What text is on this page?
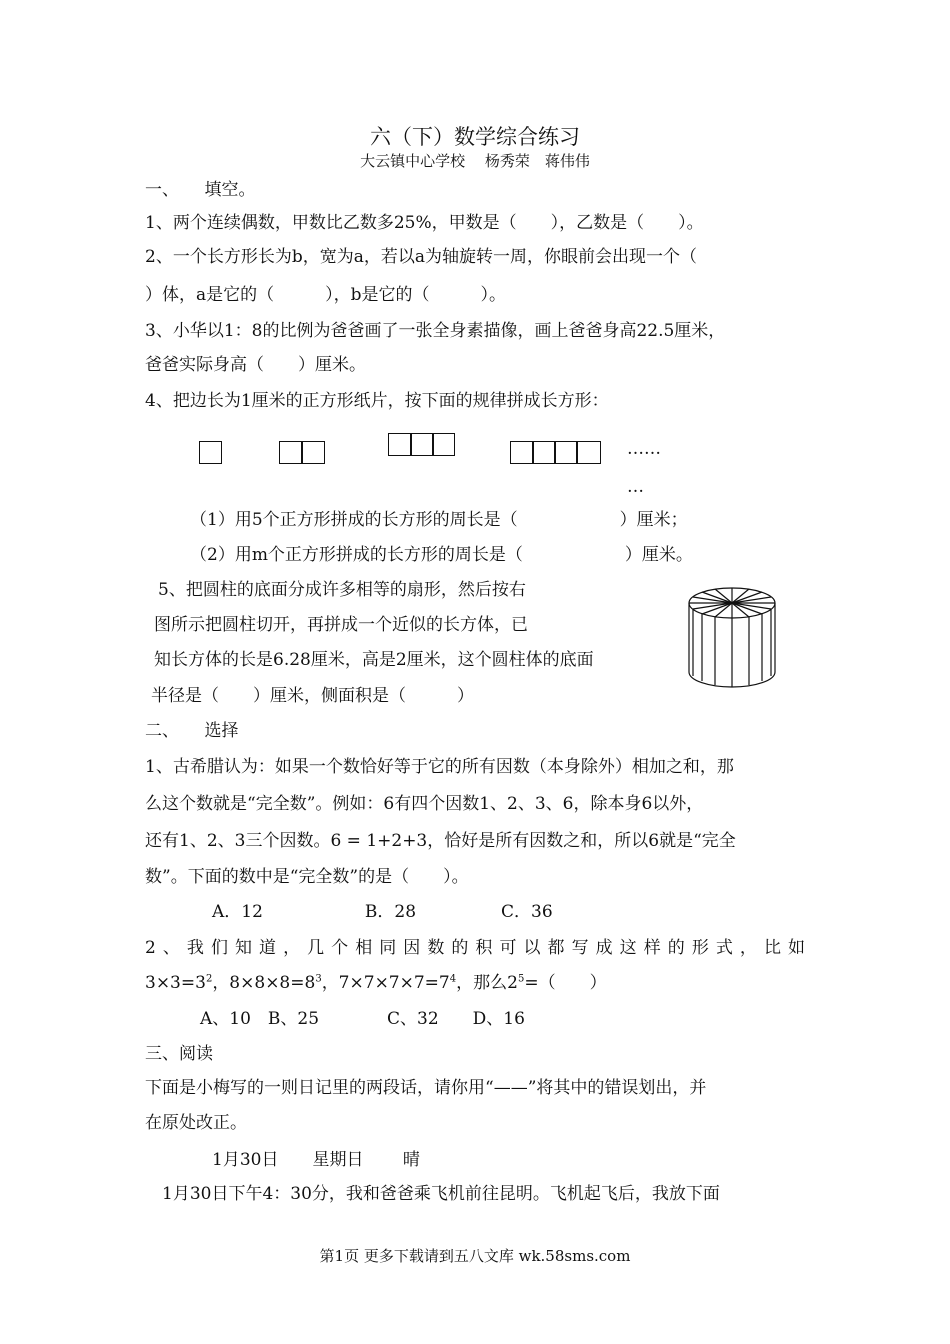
六（下）数学综合练习
大云镇中心学校　 杨秀荣　蒋伟伟
一、　　填空。
1、两个连续偶数，甲数比乙数多25%，甲数是（　　），乙数是（　　）。
2、一个长方形长为b，宽为a，若以a为轴旋转一周，你眼前会出现一个（
）体，a是它的（　　　），b是它的（　　　）。
3、小华以1：8的比例为爸爸画了一张全身素描像，画上爸爸身高22.5厘米，
爸爸实际身高（　　）厘米。
4、把边长为1厘米的正方形纸片，按下面的规律拼成长方形：
……
…
（1）用5个正方形拼成的长方形的周长是（　　　　　　）厘米；
（2）用m个正方形拼成的长方形的周长是（　　　　　　）厘米。
5、把圆柱的底面分成许多相等的扇形，然后按右
图所示把圆柱切开，再拼成一个近似的长方体，已
知长方体的长是6.28厘米，高是2厘米，这个圆柱体的底面
半径是（　　）厘米，侧面积是（　　　）
二、　　选择
1、古希腊认为：如果一个数恰好等于它的所有因数（本身除外）相加之和，那
么这个数就是“完全数”。例如：6有四个因数1、2、3、6，除本身6以外，
还有1、2、3三个因数。6 = 1+2+3，恰好是所有因数之和，所以6就是“完全
数”。下面的数中是“完全数”的是（　　）。
A．12　　　　　　B．28　　　　　C．36
2、我们知道，几个相同因数的积可以都写成这样的形式，比如
$3\times 3=3^2$，$8\times 8\times 8=8^3$，$7\times 7\times 7\times 7=7^4$，那么$2^5=$（　　）
A、10　B、25　　　　C、32　　D、16
三、阅读
下面是小梅写的一则日记里的两段话，请你用“——”将其中的错误划出，并
在原处改正。
1月30日　　星期日　　 晴
1月30日下午4：30分，我和爸爸乘飞机前往昆明。飞机起飞后，我放下面
第1页 更多下载请到五八文库 wk.58sms.com
